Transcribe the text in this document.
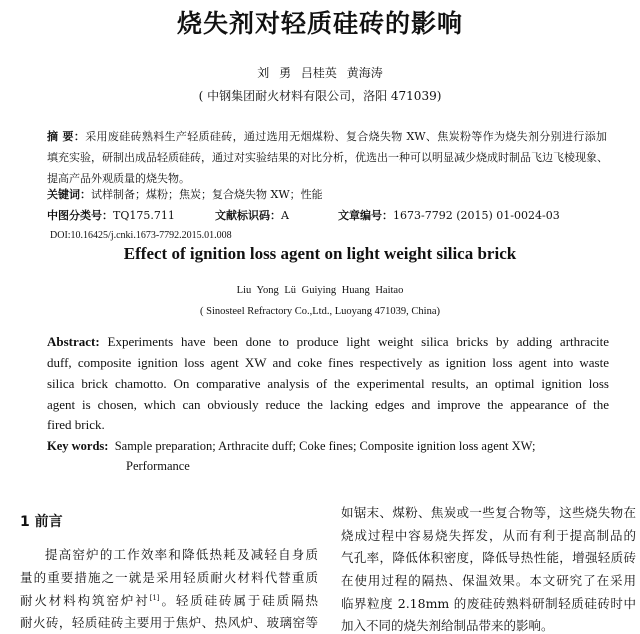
烧失剂对轻质硅砖的影响
刘 勇 吕桂英 黄海涛
( 中钢集团耐火材料有限公司，洛阳 471039)
摘 要：采用废硅砖熟料生产轻质硅砖，通过选用无烟煤粉、复合烧失物 XW、焦炭粉等作为烧失剂分别进行添加
填充实验，研制出成品轻质硅砖，通过对实验结果的对比分析，优选出一种可以明显减少烧成时制品飞边飞棱现象、
提高产品外观质量的烧失物。
关键词：试样制备；煤粉；焦炭；复合烧失物 XW；性能
中图分类号：TQ175.711	文献标识码：A	文章编号：1673-7792 (2015) 01-0024-03
DOI:10.16425/j.cnki.1673-7792.2015.01.008
Effect of ignition loss agent on light weight silica brick
Liu Yong Lü Guiying Huang Haitao
( Sinosteel Refractory Co.,Ltd., Luoyang 471039, China)
Abstract: Experiments have been done to produce light weight silica bricks by adding arthracite
duff, composite ignition loss agent XW and coke fines respectively as ignition loss agent into waste
silica brick chamotto. On comparative analysis of the experimental results, an optimal ignition loss
agent is chosen, which can obviously reduce the lacking edges and improve the appearance of the
fired brick.
Key words: Sample preparation; Arthracite duff; Coke fines; Composite ignition loss agent XW;
Performance
1 前言
提高窑炉的工作效率和降低热耗及减轻自身质
量的重要措施之一就是采用轻质耐火材料代替重质
耐火材料构筑窑炉衬[1]。轻质硅砖属于硅质隔热
耐火砖，轻质硅砖主要用于焦炉、热风炉、玻璃窑等
如锯末、煤粉、焦炭或一些复合物等，这些烧失物在
烧成过程中容易烧失挥发，从而有利于提高制品的
气孔率，降低体积密度，降低导热性能，增强轻质砖
在使用过程的隔热、保温效果。本文研究了在采用
临界粒度 2.18mm 的废硅砖熟料研制轻质硅砖时中
加入不同的烧失剂给制品带来的影响。
